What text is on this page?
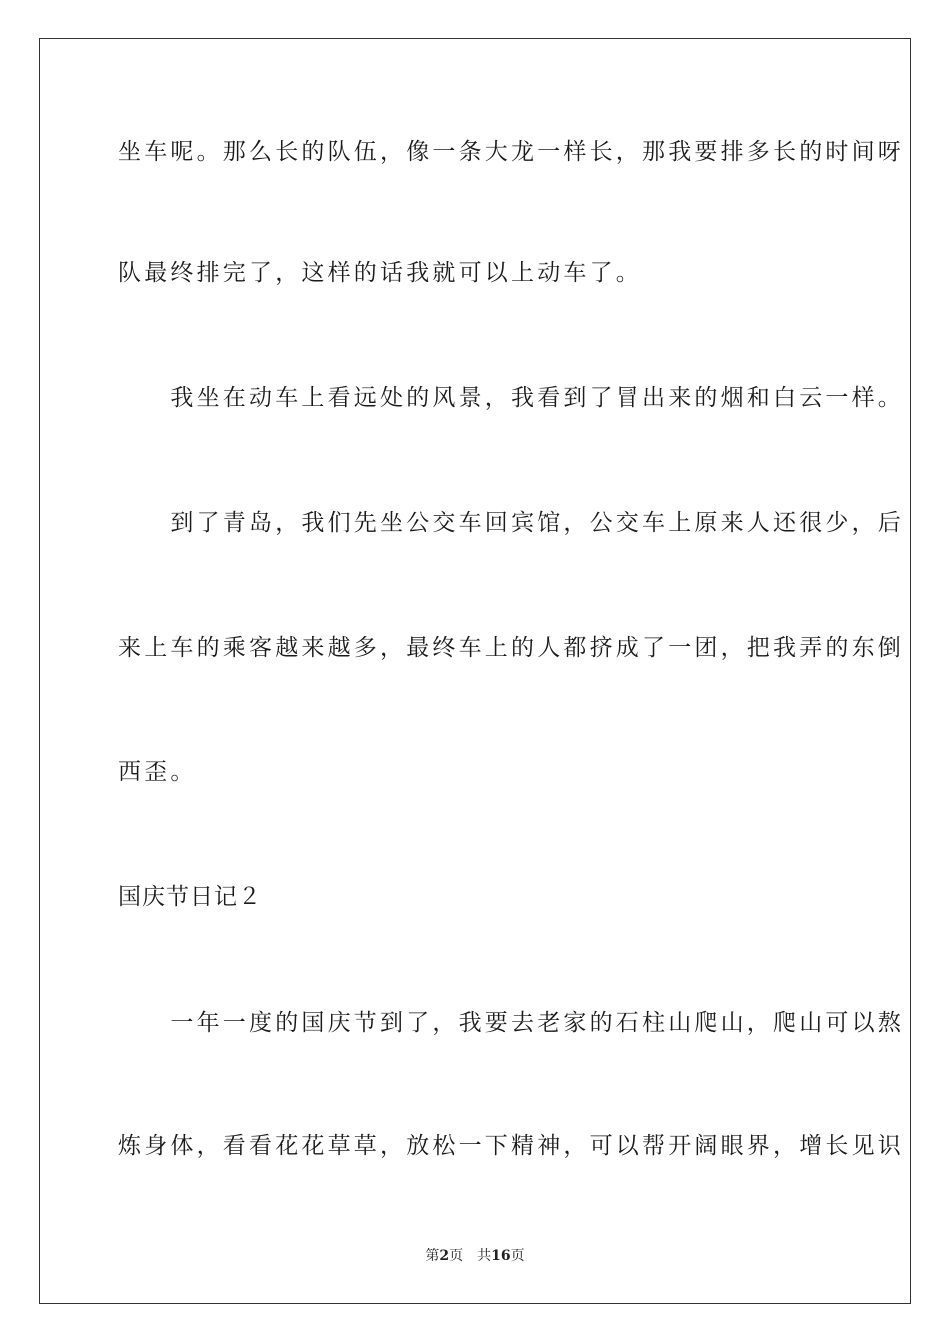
坐车呢。那么长的队伍，像一条大龙一样长，那我要排多长的时间呀
队最终排完了，这样的话我就可以上动车了。
　　我坐在动车上看远处的风景，我看到了冒出来的烟和白云一样。
　　到了青岛，我们先坐公交车回宾馆，公交车上原来人还很少，后
来上车的乘客越来越多，最终车上的人都挤成了一团，把我弄的东倒
西歪。
国庆节日记２
　　一年一度的国庆节到了，我要去老家的石柱山爬山，爬山可以熬
炼身体，看看花花草草，放松一下精神，可以帮开阔眼界，增长见识
第2页 共16页
